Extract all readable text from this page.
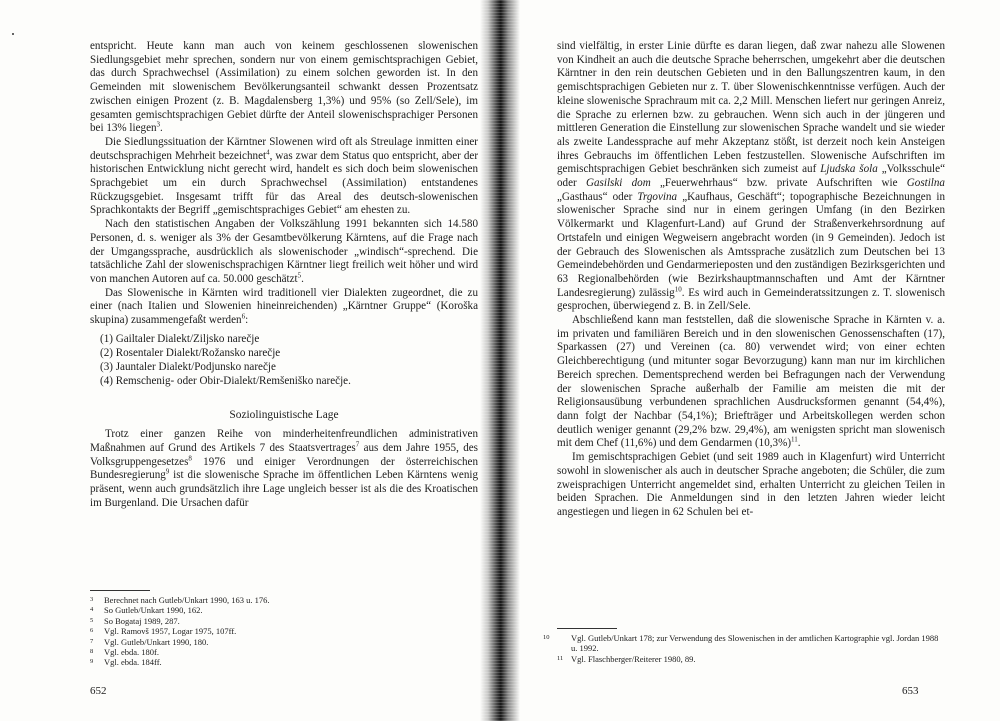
entspricht. Heute kann man auch von keinem geschlossenen slowenischen Siedlungsgebiet mehr sprechen, sondern nur von einem gemischtsprachigen Gebiet, das durch Sprachwechsel (Assimilation) zu einem solchen geworden ist. In den Gemeinden mit slowenischem Bevölkerungsanteil schwankt dessen Prozentsatz zwischen einigen Prozent (z. B. Magdalensberg 1,3%) und 95% (so Zell/Sele), im gesamten gemischtsprachigen Gebiet dürfte der Anteil slowenischsprachiger Personen bei 13% liegen$^3$.

Die Siedlungssituation der Kärntner Slowenen wird oft als Streulage inmitten einer deutschsprachigen Mehrheit bezeichnet$^4$, was zwar dem Status quo entspricht, aber der historischen Entwicklung nicht gerecht wird, handelt es sich doch beim slowenischen Sprachgebiet um ein durch Sprachwechsel (Assimilation) entstandenes Rückzugsgebiet. Insgesamt trifft für das Areal des deutsch-slowenischen Sprachkontakts der Begriff „gemischtsprachiges Gebiet“ am ehesten zu.

Nach den statistischen Angaben der Volkszählung 1991 bekannten sich 14.580 Personen, d. s. weniger als 3% der Gesamtbevölkerung Kärntens, auf die Frage nach der Umgangssprache, ausdrücklich als slowenischoder „windisch“-sprechend. Die tatsächliche Zahl der slowenischsprachigen Kärntner liegt freilich weit höher und wird von manchen Autoren auf ca. 50.000 geschätzt$^5$.

Das Slowenische in Kärnten wird traditionell vier Dialekten zugeordnet, die zu einer (nach Italien und Slowenien hineinreichenden) „Kärntner Gruppe“ (Koroška skupina) zusammengefaßt werden$^6$:

(1) Gailtaler Dialekt/Ziljsko narečje
(2) Rosentaler Dialekt/Rožansko narečje
(3) Jauntaler Dialekt/Podjunsko narečje
(4) Remschenig- oder Obir-Dialekt/Remšeniško narečje.
Soziolinguistische Lage

Trotz einer ganzen Reihe von minderheitenfreundlichen administrativen Maßnahmen auf Grund des Artikels 7 des Staatsvertrages$^7$ aus dem Jahre 1955, des Volksgruppengesetzes$^8$ 1976 und einiger Verordnungen der österreichischen Bundesregierung$^9$ ist die slowenische Sprache im öffentlichen Leben Kärntens wenig präsent, wenn auch grundsätzlich ihre Lage ungleich besser ist als die des Kroatischen im Burgenland. Die Ursachen dafür

3 Berechnet nach Gutleb/Unkart 1990, 163 u. 176.
4 So Gutleb/Unkart 1990, 162.
5 So Bogataj 1989, 287.
6 Vgl. Ramovš 1957, Logar 1975, 107ff.
7 Vgl. Gutleb/Unkart 1990, 180.
8 Vgl. ebda. 180f.
9 Vgl. ebda. 184ff.
652

sind vielfältig, in erster Linie dürfte es daran liegen, daß zwar nahezu alle Slowenen von Kindheit an auch die deutsche Sprache beherrschen, umgekehrt aber die deutschen Kärntner in den rein deutschen Gebieten und in den Ballungszentren kaum, in den gemischtsprachigen Gebieten nur z. T. über Slowenischkenntnisse verfügen. Auch der kleine slowenische Sprachraum mit ca. 2,2 Mill. Menschen liefert nur geringen Anreiz, die Sprache zu erlernen bzw. zu gebrauchen. Wenn sich auch in der jüngeren und mittleren Generation die Einstellung zur slowenischen Sprache wandelt und sie wieder als zweite Landessprache auf mehr Akzeptanz stößt, ist derzeit noch kein Ansteigen ihres Gebrauchs im öffentlichen Leben festzustellen. Slowenische Aufschriften im gemischtsprachigen Gebiet beschränken sich zumeist auf Ljudska šola „Volksschule“ oder Gasilski dom „Feuerwehrhaus“ bzw. private Aufschriften wie Gostilna „Gasthaus“ oder Trgovina „Kaufhaus, Geschäft“; topographische Bezeichnungen in slowenischer Sprache sind nur in einem geringen Umfang (in den Bezirken Völkermarkt und Klagenfurt-Land) auf Grund der Straßenverkehrsordnung auf Ortstafeln und einigen Wegweisern angebracht worden (in 9 Gemeinden). Jedoch ist der Gebrauch des Slowenischen als Amtssprache zusätzlich zum Deutschen bei 13 Gemeindebehörden und Gendarmerieposten und den zuständigen Bezirksgerichten und 63 Regionalbehörden (wie Bezirkshauptmannschaften und Amt der Kärntner Landesregierung) zulässig$^{10}$. Es wird auch in Gemeinderatssitzungen z. T. slowenisch gesprochen, überwiegend z. B. in Zell/Sele.

Abschließend kann man feststellen, daß die slowenische Sprache in Kärnten v. a. im privaten und familiären Bereich und in den slowenischen Genossenschaften (17), Sparkassen (27) und Vereinen (ca. 80) verwendet wird; von einer echten Gleichberechtigung (und mitunter sogar Bevorzugung) kann man nur im kirchlichen Bereich sprechen. Dementsprechend werden bei Befragungen nach der Verwendung der slowenischen Sprache außerhalb der Familie am meisten die mit der Religionsausübung verbundenen sprachlichen Ausdrucksformen genannt (54,4%), dann folgt der Nachbar (54,1%); Briefträger und Arbeitskollegen werden schon deutlich weniger genannt (29,2% bzw. 29,4%), am wenigsten spricht man slowenisch mit dem Chef (11,6%) und dem Gendarmen $(10,3\%)^{11}$.

Im gemischtsprachigen Gebiet (und seit 1989 auch in Klagenfurt) wird Unterricht sowohl in slowenischer als auch in deutscher Sprache angeboten; die Schüler, die zum zweisprachigen Unterricht angemeldet sind, erhalten Unterricht zu gleichen Teilen in beiden Sprachen. Die Anmeldungen sind in den letzten Jahren wieder leicht angestiegen und liegen in 62 Schulen bei et-

10	Vgl. Gutleb/Unkart 178; zur Verwendung des Slowenischen in der amtlichen Kartographie vgl. Jordan 1988 u. 1992.
11 Vgl. Flaschberger/Reiterer 1980, 89.
653
